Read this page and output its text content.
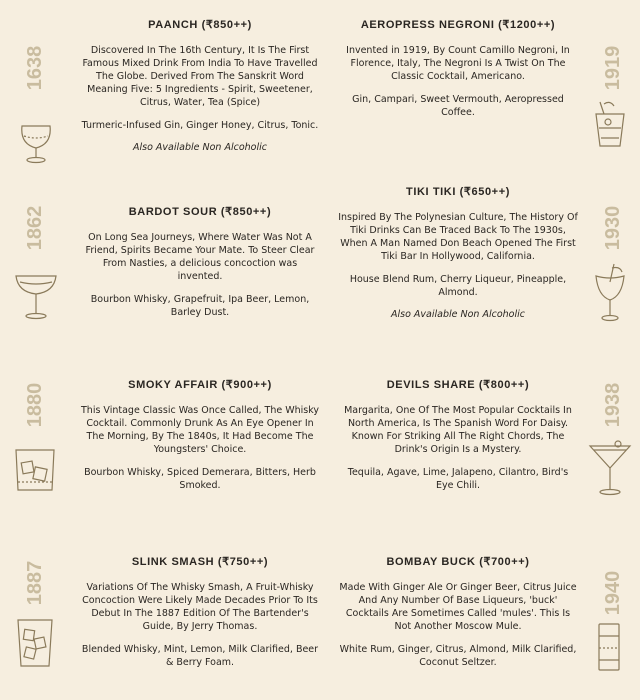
1638
PAANCH (₹850++)
Discovered In The 16th Century, It Is The First Famous Mixed Drink From India To Have Travelled The Globe. Derived From The Sanskrit Word Meaning Five: 5 Ingredients - Spirit, Sweetener, Citrus, Water, Tea (Spice)
Turmeric-Infused Gin, Ginger Honey, Citrus, Tonic.
Also Available Non Alcoholic
AEROPRESS NEGRONI (₹1200++)
Invented in 1919, By Count Camillo Negroni, In Florence, Italy, The Negroni Is A Twist On The Classic Cocktail, Americano.
Gin, Campari, Sweet Vermouth, Aeropressed Coffee.
1919
1862	BARDOT SOUR (₹850++)
On Long Sea Journeys, Where Water Was Not A Friend, Spirits Became Your Mate. To Steer Clear From Nasties, a delicious concoction was invented.
Bourbon Whisky, Grapefruit, Ipa Beer, Lemon, Barley Dust.
TIKI TIKI (₹650++)
Inspired By The Polynesian Culture, The History Of Tiki Drinks Can Be Traced Back To The 1930s, When A Man Named Don Beach Opened The First Tiki Bar In Hollywood, California.
House Blend Rum, Cherry Liqueur, Pineapple, Almond.
Also Available Non Alcoholic
1930
1880	SMOKY AFFAIR (₹900++)
This Vintage Classic Was Once Called, The Whisky Cocktail. Commonly Drunk As An Eye Opener In The Morning, By The 1840s, It Had Become The Youngsters' Choice.
Bourbon Whisky, Spiced Demerara, Bitters, Herb Smoked.
DEVILS SHARE (₹800++)
Margarita, One Of The Most Popular Cocktails In North America, Is The Spanish Word For Daisy. Known For Striking All The Right Chords, The Drink's Origin Is a Mystery.
Tequila, Agave, Lime, Jalapeno, Cilantro, Bird's Eye Chili.
1938
1887	SLINK SMASH (₹750++)
Variations Of The Whisky Smash, A Fruit-Whisky Concoction Were Likely Made Decades Prior To Its Debut In The 1887 Edition Of The Bartender's Guide, By Jerry Thomas.
Blended Whisky, Mint, Lemon, Milk Clarified, Beer & Berry Foam.
BOMBAY BUCK (₹700++)
Made With Ginger Ale Or Ginger Beer, Citrus Juice And Any Number Of Base Liqueurs, 'buck' Cocktails Are Sometimes Called 'mules'. This Is Not Another Moscow Mule.
White Rum, Ginger, Citrus, Almond, Milk Clarified, Coconut Seltzer.
1940
